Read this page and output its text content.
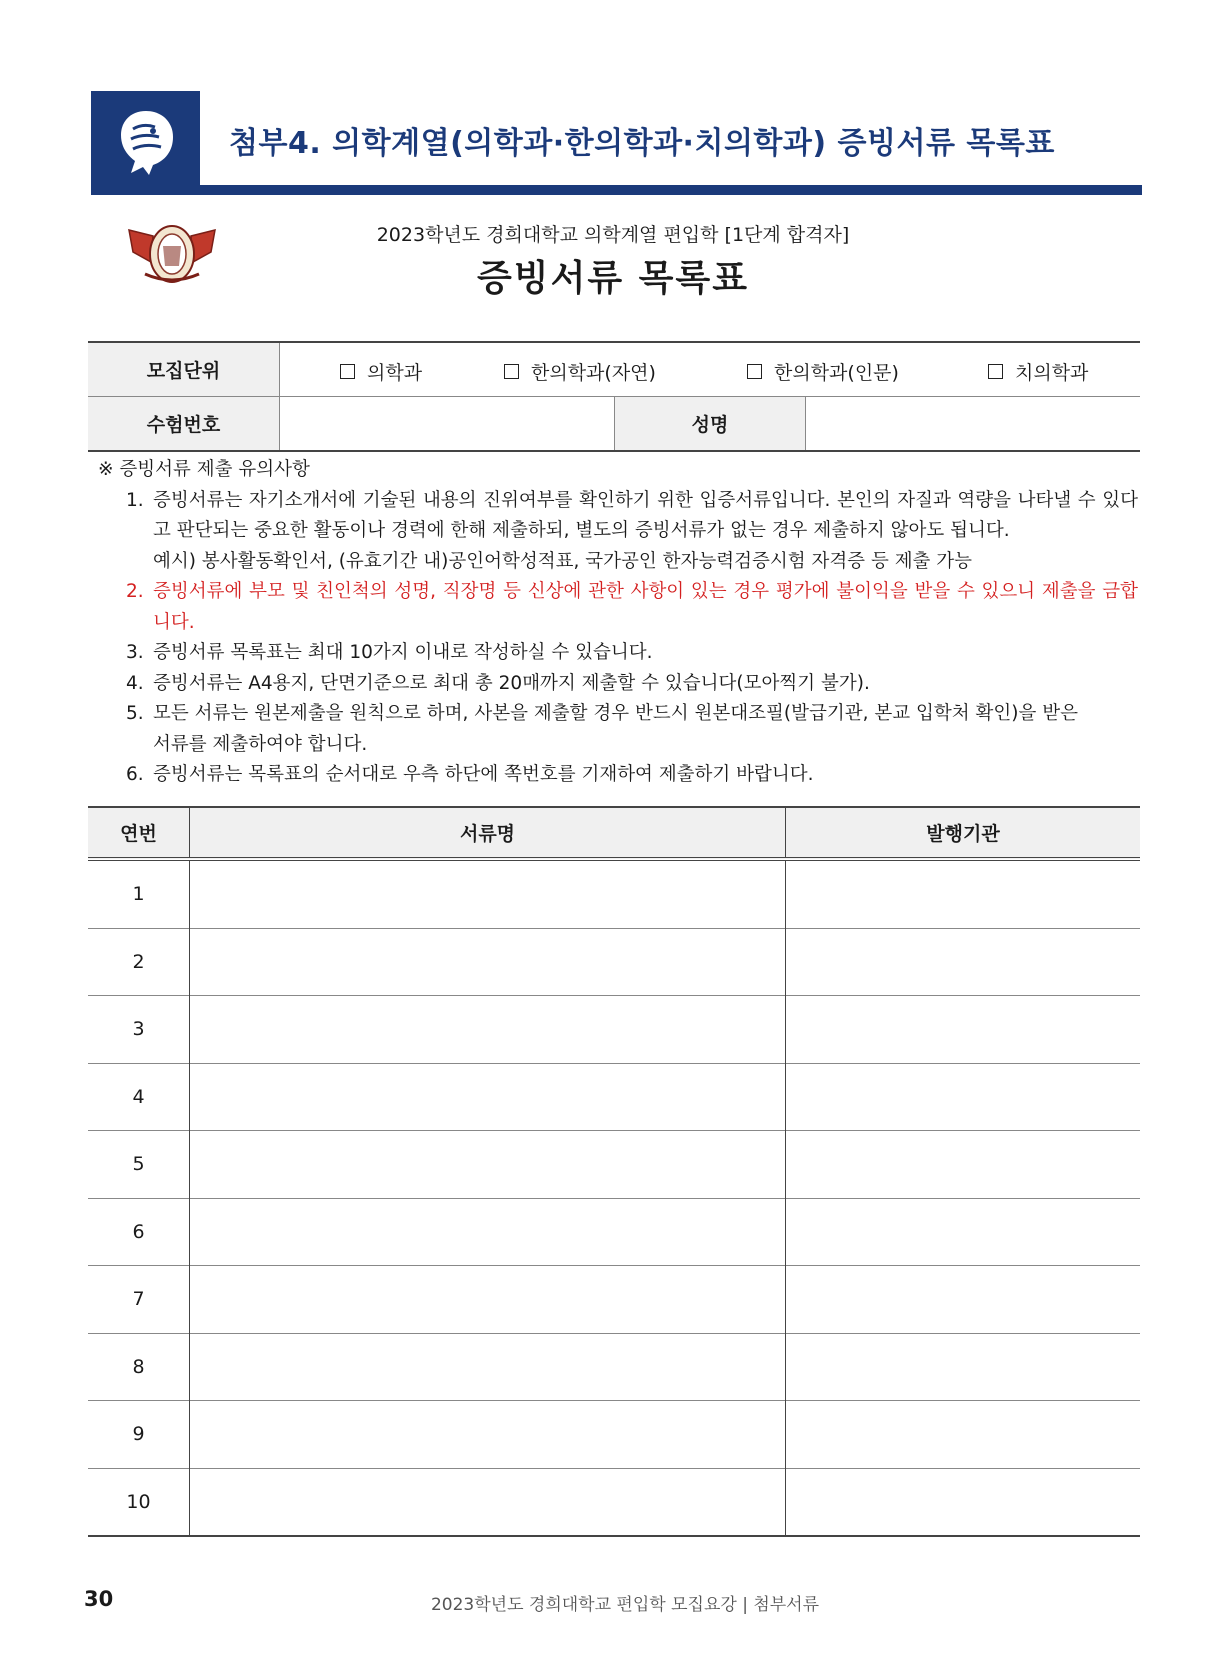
첨부4. 의학계열(의학과·한의학과·치의학과) 증빙서류 목록표
2023학년도 경희대학교 의학계열 편입학 [1단계 합격자]
증빙서류 목록표
모집단위	의학과 한의학과(자연) 한의학과(인문) 치의학과		

수험번호		성명	

※ 증빙서류 제출 유의사항

1. 증빙서류는 자기소개서에 기술된 내용의 진위여부를 확인하기 위한 입증서류입니다. 본인의 자질과 역량을 나타낼 수 있다고 판단되는 중요한 활동이나 경력에 한해 제출하되, 별도의 증빙서류가 없는 경우 제출하지 않아도 됩니다.
예시) 봉사활동확인서, (유효기간 내)공인어학성적표, 국가공인 한자능력검증시험 자격증 등 제출 가능
2. 증빙서류에 부모 및 친인척의 성명, 직장명 등 신상에 관한 사항이 있는 경우 평가에 불이익을 받을 수 있으니 제출을 금합니다.
3. 증빙서류 목록표는 최대 10가지 이내로 작성하실 수 있습니다.
4. 증빙서류는 A4용지, 단면기준으로 최대 총 20매까지 제출할 수 있습니다(모아찍기 불가).
5. 모든 서류는 원본제출을 원칙으로 하며, 사본을 제출할 경우 반드시 원본대조필(발급기관, 본교 입학처 확인)을 받은 서류를 제출하여야 합니다.
6. 증빙서류는 목록표의 순서대로 우측 하단에 쪽번호를 기재하여 제출하기 바랍니다.
연번	서류명	발행기관
1		
2		
3		
4		
5		
6		
7		
8		
9		
10		
30	2023학년도 경희대학교 편입학 모집요강 | 첨부서류
